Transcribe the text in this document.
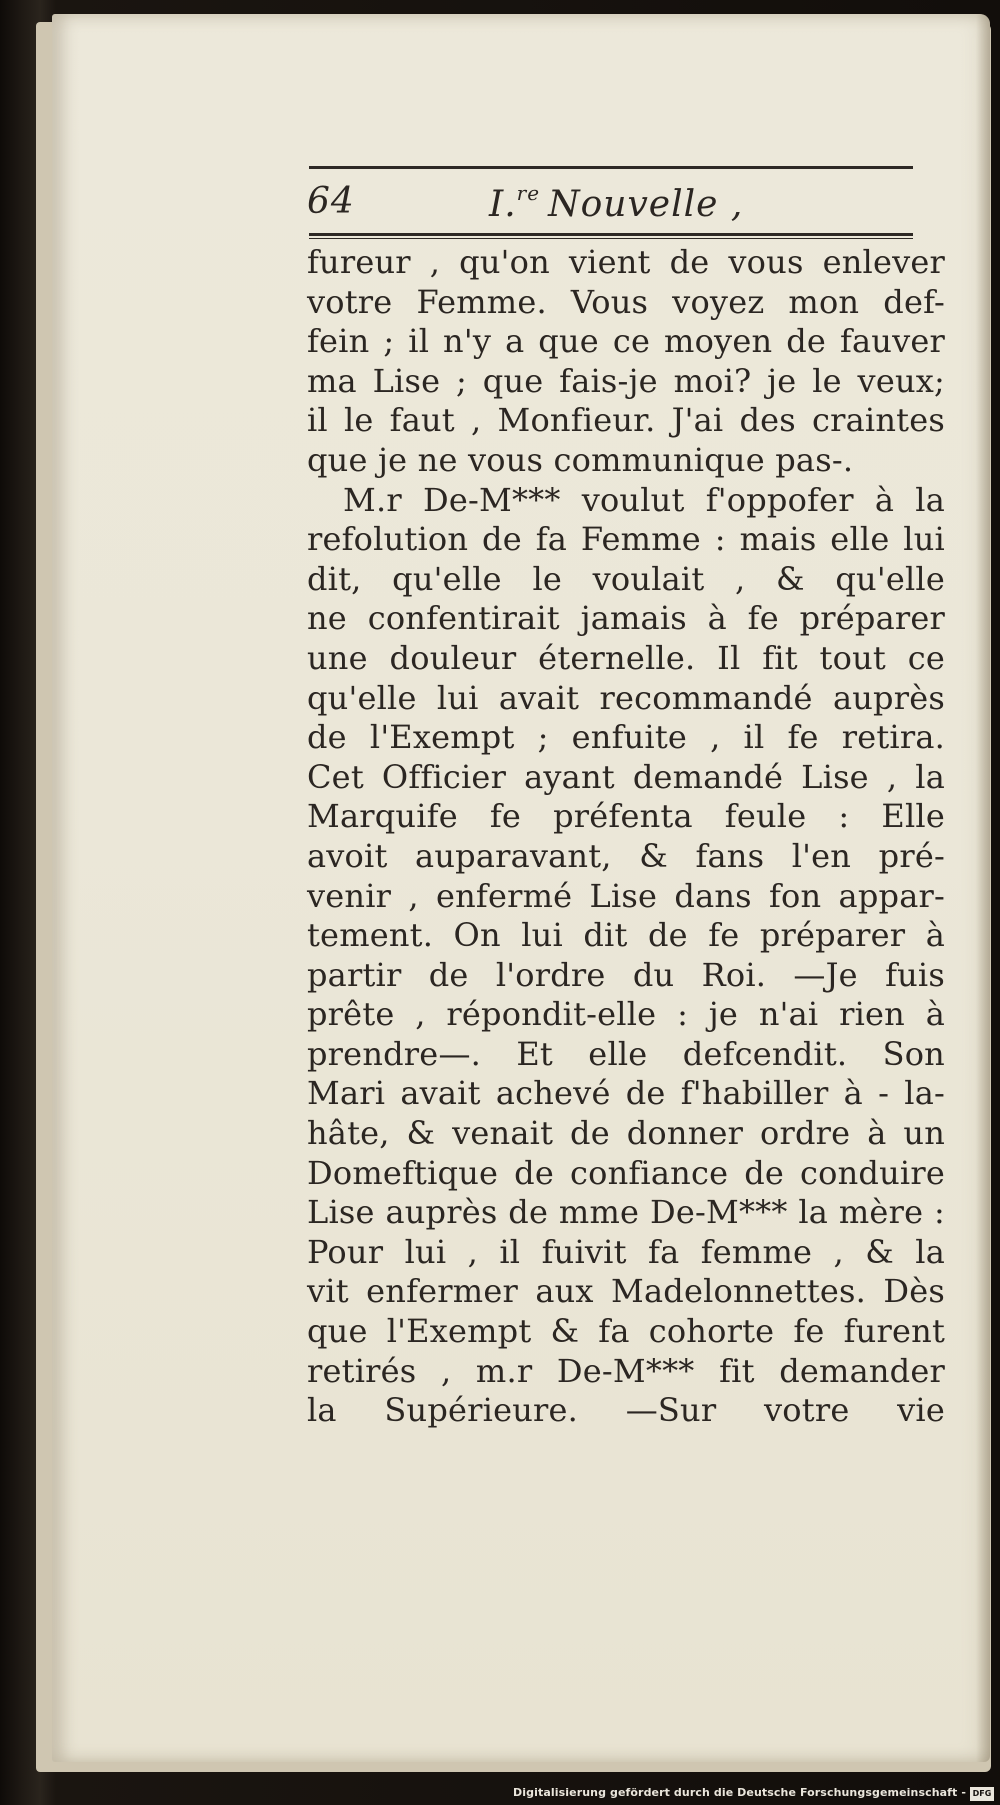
64	I.$^{re}$ Nouvelle ,
fureur , qu'on vient de vous enlever
votre Femme. Vous voyez mon def-
fein ; il n'y a que ce moyen de fauver
ma Lise ; que fais-je moi? je le veux;
il le faut , Monfieur. J'ai des craintes
que je ne vous communique pas-.
M.r De-M*** voulut f'oppofer à la
refolution de fa Femme : mais elle lui
dit, qu'elle le voulait , & qu'elle
ne confentirait jamais à fe préparer
une douleur éternelle. Il fit tout ce
qu'elle lui avait recommandé auprès
de l'Exempt ; enfuite , il fe retira.
Cet Officier ayant demandé Lise , la
Marquife fe préfenta feule : Elle
avoit auparavant, & fans l'en pré-
venir , enfermé Lise dans fon appar-
tement. On lui dit de fe préparer à
partir de l'ordre du Roi. —Je fuis
prête , répondit-elle : je n'ai rien à
prendre—. Et elle defcendit. Son
Mari avait achevé de f'habiller à - la-
hâte, & venait de donner ordre à un
Domeftique de confiance de conduire
Lise auprès de mme De-M*** la mère :
Pour lui , il fuivit fa femme , & la
vit enfermer aux Madelonnettes. Dès
que l'Exempt & fa cohorte fe furent
retirés , m.r De-M*** fit demander
la Supérieure. —Sur votre vie
Digitalisierung gefördert durch die Deutsche Forschungsgemeinschaft - DFG
